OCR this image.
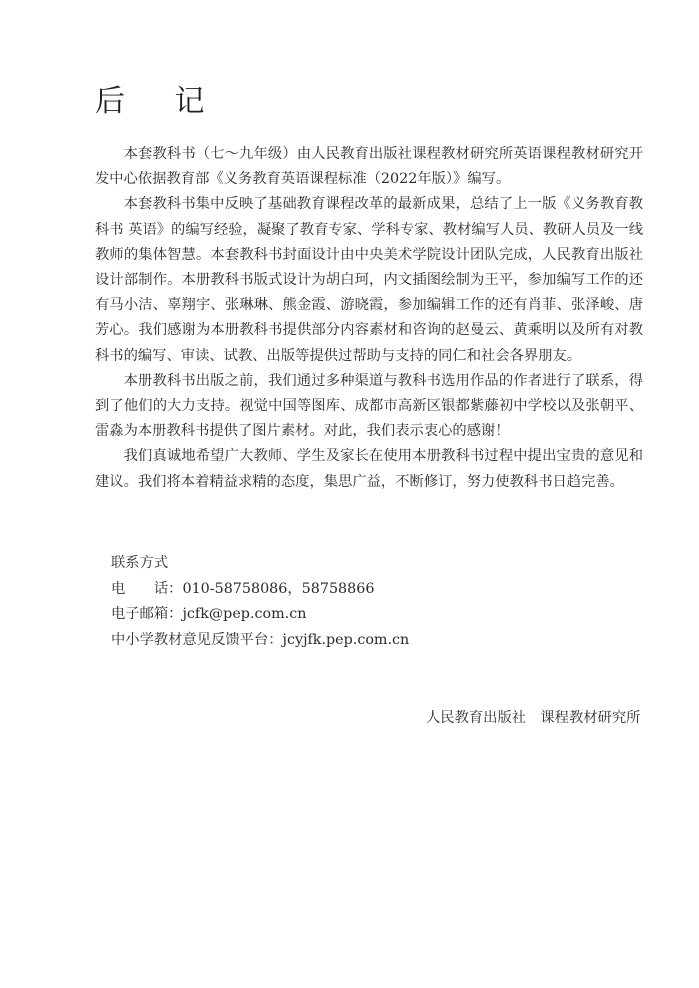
后 记

本套教科书（七～九年级）由人民教育出版社课程教材研究所英语课程教材研究开发中心依据教育部《义务教育英语课程标准（2022年版）》编写。

本套教科书集中反映了基础教育课程改革的最新成果，总结了上一版《义务教育教科书 英语》的编写经验，凝聚了教育专家、学科专家、教材编写人员、教研人员及一线教师的集体智慧。本套教科书封面设计由中央美术学院设计团队完成，人民教育出版社设计部制作。本册教科书版式设计为胡白珂，内文插图绘制为王平，参加编写工作的还有马小洁、辜翔宇、张琳琳、熊金霞、游晓霞，参加编辑工作的还有肖菲、张泽峻、唐芳心。我们感谢为本册教科书提供部分内容素材和咨询的赵曼云、黄乘明以及所有对教科书的编写、审读、试教、出版等提供过帮助与支持的同仁和社会各界朋友。

本册教科书出版之前，我们通过多种渠道与教科书选用作品的作者进行了联系，得到了他们的大力支持。视觉中国等图库、成都市高新区银都紫藤初中学校以及张朝平、雷淼为本册教科书提供了图片素材。对此，我们表示衷心的感谢！

我们真诚地希望广大教师、学生及家长在使用本册教科书过程中提出宝贵的意见和建议。我们将本着精益求精的态度，集思广益，不断修订，努力使教科书日趋完善。

联系方式
电　　话：010-58758086，58758866
电子邮箱：jcfk@pep.com.cn
中小学教材意见反馈平台：jcyjfk.pep.com.cn
人民教育出版社　课程教材研究所
